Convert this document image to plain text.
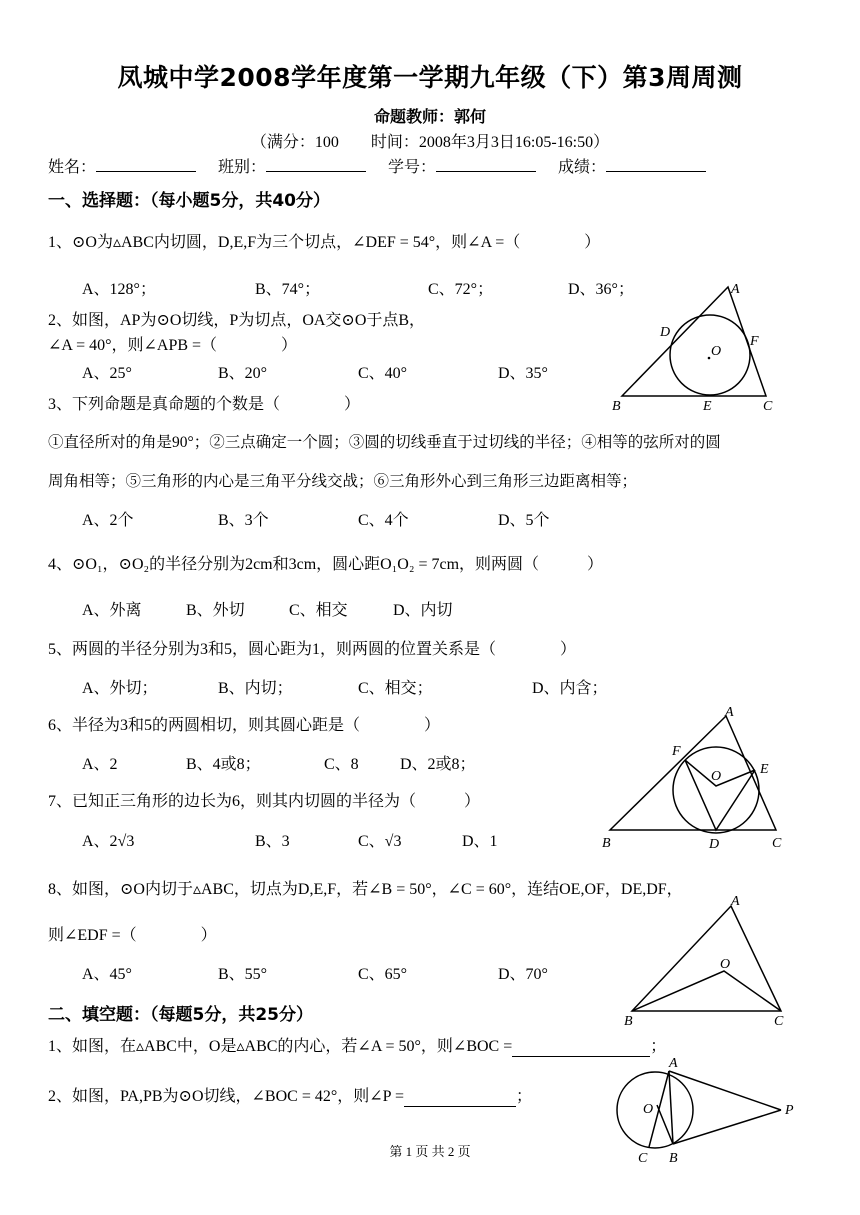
凤城中学2008学年度第一学期九年级（下）第3周周测
命题教师：郭何
（满分：100　　时间：2008年3月3日16:05-16:50）
姓名：	班别：	学号：	成绩：
一、选择题：（每小题5分，共40分）
1、⊙O为▵ABC内切圆，D,E,F为三个切点，∠DEF = 54°，则∠A =（　　　　）
A、128°；	B、74°；	C、72°；	D、36°；
2、如图，AP为⊙O切线，P为切点，OA交⊙O于点B，
∠A = 40°，则∠APB =（　　　　）
A、25°	B、20°	C、40°	D、35°
3、下列命题是真命题的个数是（　　　　）
①直径所对的角是90°；②三点确定一个圆；③圆的切线垂直于过切线的半径；④相等的弦所对的圆
周角相等；⑤三角形的内心是三角平分线交战；⑥三角形外心到三角形三边距离相等；
A、2个	B、3个	C、4个	D、5个
4、⊙O₁，⊙O₂的半径分别为2cm和3cm，圆心距O₁O₂ = 7cm，则两圆（　　　）
A、外离	B、外切	C、相交	D、内切
5、两圆的半径分别为3和5，圆心距为1，则两圆的位置关系是（　　　　）
A、外切；	B、内切；	C、相交；	D、内含；
6、半径为3和5的两圆相切，则其圆心距是（　　　　）
A、2	B、4或8；	C、8	D、2或8；
7、已知正三角形的边长为6，则其内切圆的半径为（　　　）
A、2√3	B、3	C、√3	D、1
8、如图，⊙O内切于▵ABC，切点为D,E,F，若∠B = 50°，∠C = 60°，连结OE,OF，DE,DF，
则∠EDF =（　　　　）
A、45°	B、55°	C、65°	D、70°
二、填空题：（每题5分，共25分）
1、如图，在▵ABC中，O是▵ABC的内心，若∠A = 50°，则∠BOC =	；
2、如图，PA,PB为⊙O切线，∠BOC = 42°，则∠P =	；
A
B	C
D
E
F
O
A
B	C
D
E
F
O
A
B	C
O
A
B
C
O	P
第 1 页 共 2 页
